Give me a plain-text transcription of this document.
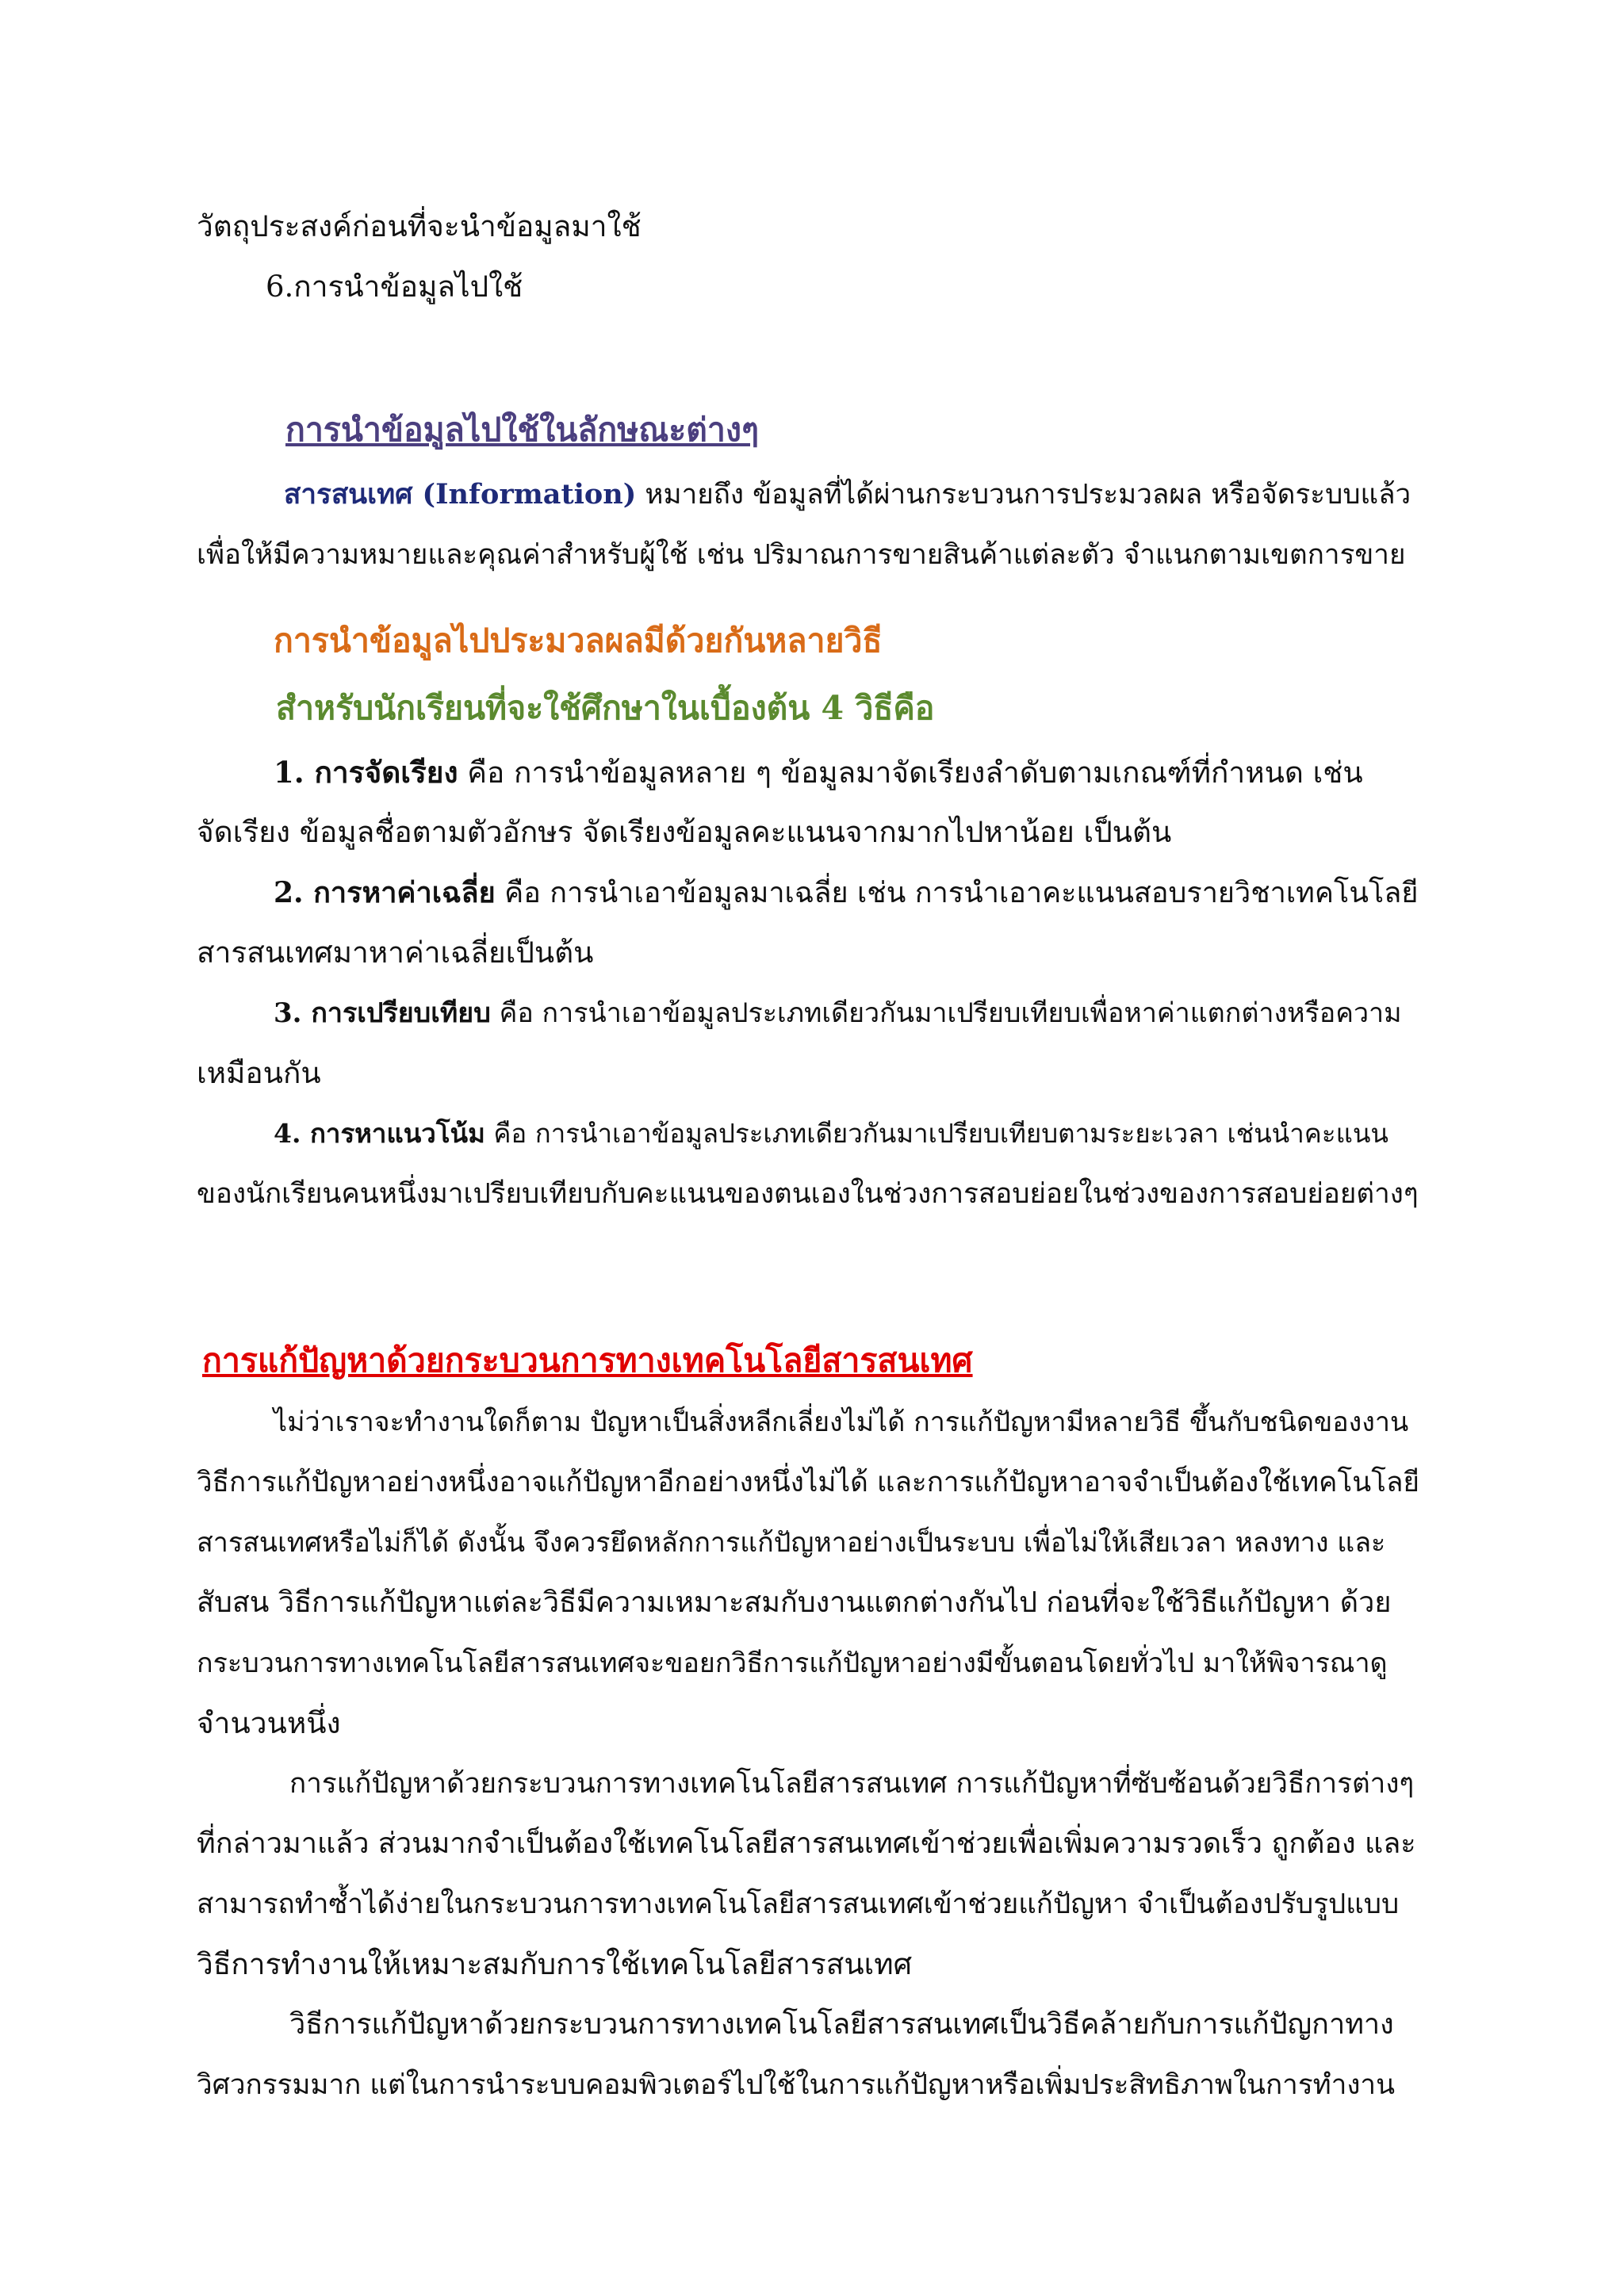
วัตถุประสงค์ก่อนที่จะนำข้อมูลมาใช้
6.การนำข้อมูลไปใช้
การนำข้อมูลไปใช้ในลักษณะต่างๆ
สารสนเทศ (Information) หมายถึง ข้อมูลที่ได้ผ่านกระบวนการประมวลผล หรือจัดระบบแล้ว
เพื่อให้มีความหมายและคุณค่าสำหรับผู้ใช้ เช่น ปริมาณการขายสินค้าแต่ละตัว จำแนกตามเขตการขาย
การนำข้อมูลไปประมวลผลมีด้วยกันหลายวิธี
สำหรับนักเรียนที่จะใช้ศึกษาในเบื้องต้น 4 วิธีคือ
1. การจัดเรียง คือ การนำข้อมูลหลาย ๆ ข้อมูลมาจัดเรียงลำดับตามเกณฑ์ที่กำหนด เช่น
จัดเรียง ข้อมูลชื่อตามตัวอักษร จัดเรียงข้อมูลคะแนนจากมากไปหาน้อย เป็นต้น
2. การหาค่าเฉลี่ย คือ การนำเอาข้อมูลมาเฉลี่ย เช่น การนำเอาคะแนนสอบรายวิชาเทคโนโลยี
สารสนเทศมาหาค่าเฉลี่ยเป็นต้น
3. การเปรียบเทียบ คือ การนำเอาข้อมูลประเภทเดียวกันมาเปรียบเทียบเพื่อหาค่าแตกต่างหรือความ
เหมือนกัน
4. การหาแนวโน้ม คือ การนำเอาข้อมูลประเภทเดียวกันมาเปรียบเทียบตามระยะเวลา เช่นนำคะแนน
ของนักเรียนคนหนึ่งมาเปรียบเทียบกับคะแนนของตนเองในช่วงการสอบย่อยในช่วงของการสอบย่อยต่างๆ
การแก้ปัญหาด้วยกระบวนการทางเทคโนโลยีสารสนเทศ
ไม่ว่าเราจะทำงานใดก็ตาม ปัญหาเป็นสิ่งหลีกเลี่ยงไม่ได้ การแก้ปัญหามีหลายวิธี ขึ้นกับชนิดของงาน
วิธีการแก้ปัญหาอย่างหนึ่งอาจแก้ปัญหาอีกอย่างหนึ่งไม่ได้ และการแก้ปัญหาอาจจำเป็นต้องใช้เทคโนโลยี
สารสนเทศหรือไม่ก็ได้ ดังนั้น จึงควรยึดหลักการแก้ปัญหาอย่างเป็นระบบ เพื่อไม่ให้เสียเวลา หลงทาง และ
สับสน วิธีการแก้ปัญหาแต่ละวิธีมีความเหมาะสมกับงานแตกต่างกันไป ก่อนที่จะใช้วิธีแก้ปัญหา ด้วย
กระบวนการทางเทคโนโลยีสารสนเทศจะขอยกวิธีการแก้ปัญหาอย่างมีขั้นตอนโดยทั่วไป มาให้พิจารณาดู
จำนวนหนึ่ง
การแก้ปัญหาด้วยกระบวนการทางเทคโนโลยีสารสนเทศ การแก้ปัญหาที่ซับซ้อนด้วยวิธีการต่างๆ
ที่กล่าวมาแล้ว ส่วนมากจำเป็นต้องใช้เทคโนโลยีสารสนเทศเข้าช่วยเพื่อเพิ่มความรวดเร็ว ถูกต้อง และ
สามารถทำซ้ำได้ง่ายในกระบวนการทางเทคโนโลยีสารสนเทศเข้าช่วยแก้ปัญหา จำเป็นต้องปรับรูปแบบ
วิธีการทำงานให้เหมาะสมกับการใช้เทคโนโลยีสารสนเทศ
วิธีการแก้ปัญหาด้วยกระบวนการทางเทคโนโลยีสารสนเทศเป็นวิธีคล้ายกับการแก้ปัญกาทาง
วิศวกรรมมาก แต่ในการนำระบบคอมพิวเตอร์ไปใช้ในการแก้ปัญหาหรือเพิ่มประสิทธิภาพในการทำงาน
